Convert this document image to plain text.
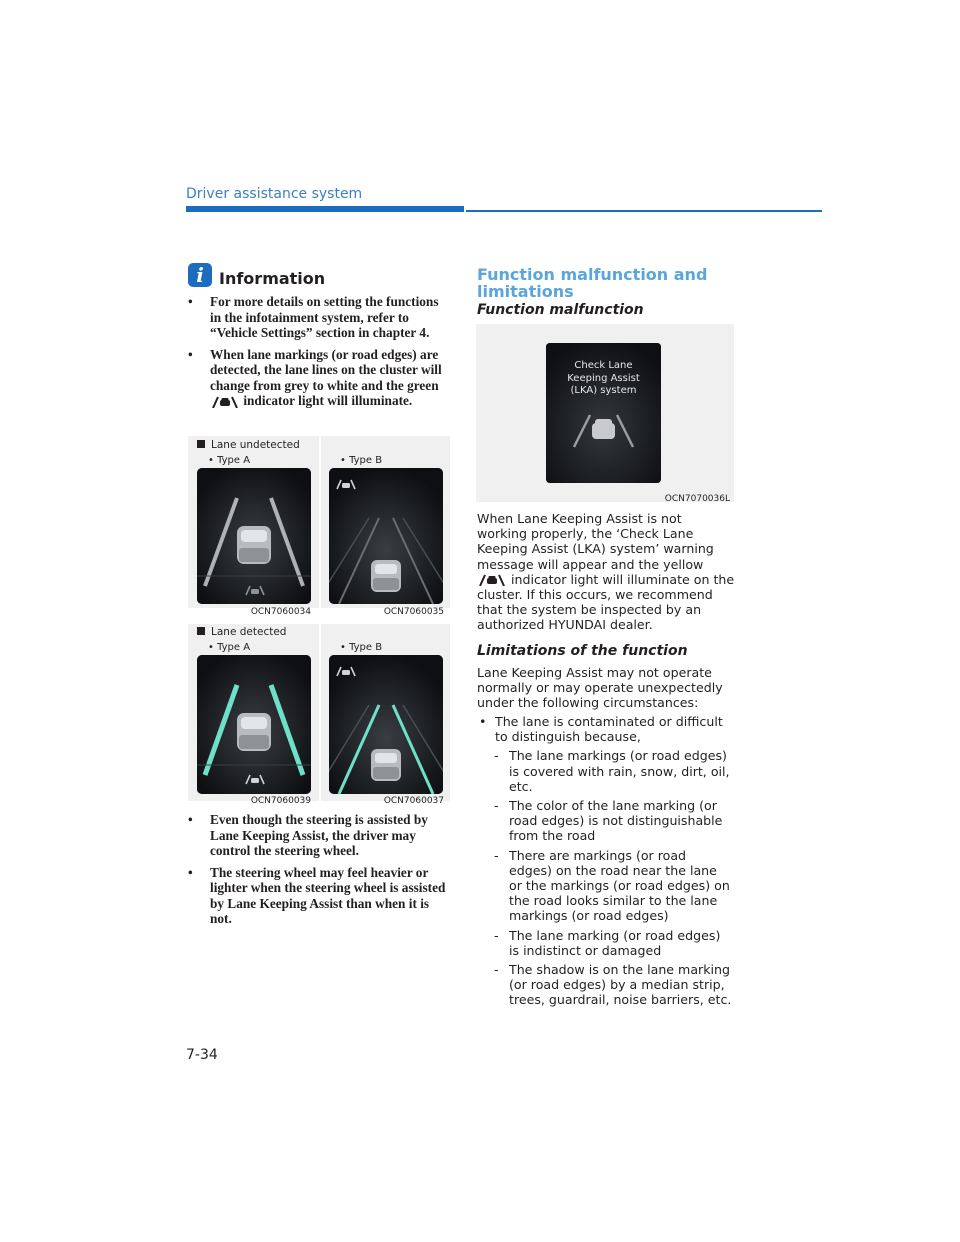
Driver assistance system
i Information
• For more details on setting the functions in the infotainment system, refer to “Vehicle Settings” section in chapter 4.
• When lane markings (or road edges) are detected, the lane lines on the cluster will change from grey to white and the green  indicator light will illuminate.
Lane undetected
• Type A	• Type B
OCN7060034	OCN7060035
Lane detected
• Type A	• Type B
OCN7060039	OCN7060037
• Even though the steering is assisted by Lane Keeping Assist, the driver may control the steering wheel.
• The steering wheel may feel heavier or lighter when the steering wheel is assisted by Lane Keeping Assist than when it is not.
Function malfunction and limitations
Function malfunction
Check Lane
Keeping Assist
(LKA) system
OCN7070036L
When Lane Keeping Assist is not working properly, the ‘Check Lane Keeping Assist (LKA) system’ warning message will appear and the yellow  indicator light will illuminate on the cluster. If this occurs, we recommend that the system be inspected by an authorized HYUNDAI dealer.
Limitations of the function
Lane Keeping Assist may not operate normally or may operate unexpectedly under the following circumstances:
• The lane is contaminated or difficult to distinguish because,
- The lane markings (or road edges) is covered with rain, snow, dirt, oil, etc.
- The color of the lane marking (or road edges) is not distinguishable from the road
- There are markings (or road edges) on the road near the lane or the markings (or road edges) on the road looks similar to the lane markings (or road edges)
- The lane marking (or road edges) is indistinct or damaged
- The shadow is on the lane marking (or road edges) by a median strip, trees, guardrail, noise barriers, etc.
7-34
